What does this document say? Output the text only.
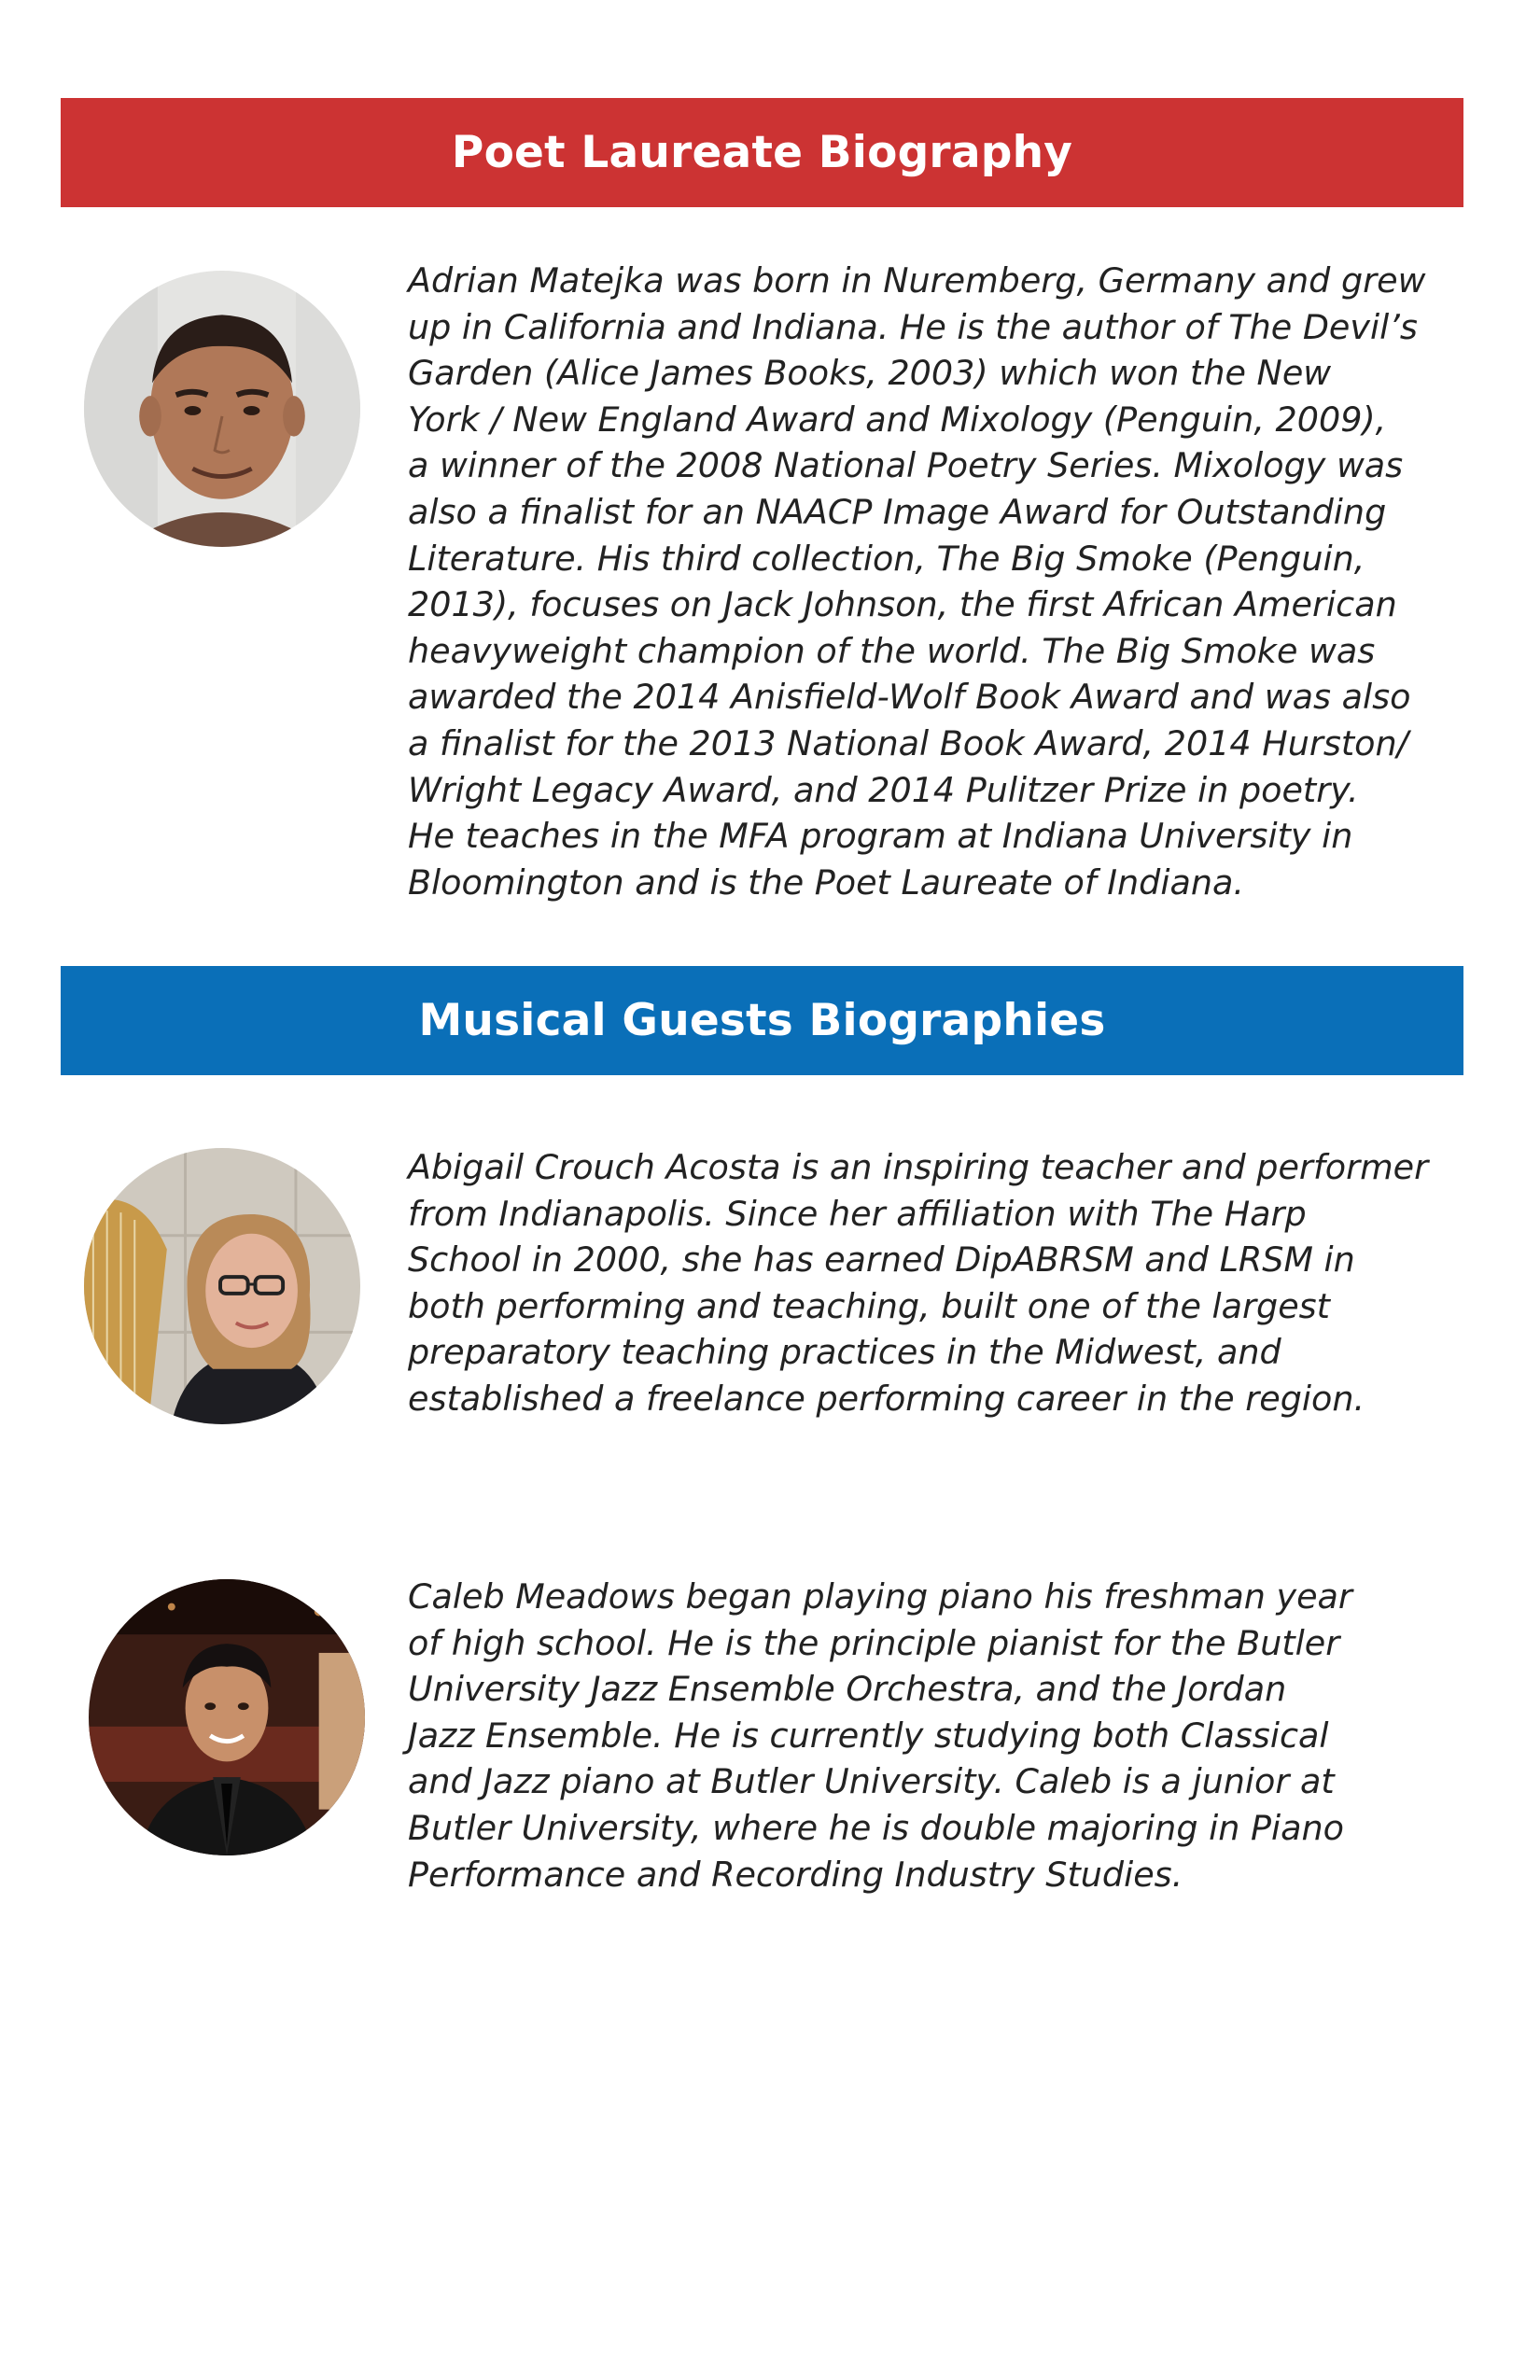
Poet Laureate Biography

Adrian Matejka was born in Nuremberg, Germany and grew
up in California and Indiana. He is the author of The Devil’s
Garden (Alice James Books, 2003) which won the New
York / New England Award and Mixology (Penguin, 2009),
a winner of the 2008 National Poetry Series. Mixology was
also a finalist for an NAACP Image Award for Outstanding
Literature. His third collection, The Big Smoke (Penguin,
2013), focuses on Jack Johnson, the first African American
heavyweight champion of the world. The Big Smoke was
awarded the 2014 Anisfield-Wolf Book Award and was also
a finalist for the 2013 National Book Award, 2014 Hurston/
Wright Legacy Award, and 2014 Pulitzer Prize in poetry.
He teaches in the MFA program at Indiana University in
Bloomington and is the Poet Laureate of Indiana.

Musical Guests Biographies

Abigail Crouch Acosta is an inspiring teacher and performer
from Indianapolis. Since her affiliation with The Harp
School in 2000, she has earned DipABRSM and LRSM in
both performing and teaching, built one of the largest
preparatory teaching practices in the Midwest, and
established a freelance performing career in the region.

Caleb Meadows began playing piano his freshman year
of high school. He is the principle pianist for the Butler
University Jazz Ensemble Orchestra, and the Jordan
Jazz Ensemble. He is currently studying both Classical
and Jazz piano at Butler University. Caleb is a junior at
Butler University, where he is double majoring in Piano
Performance and Recording Industry Studies.
